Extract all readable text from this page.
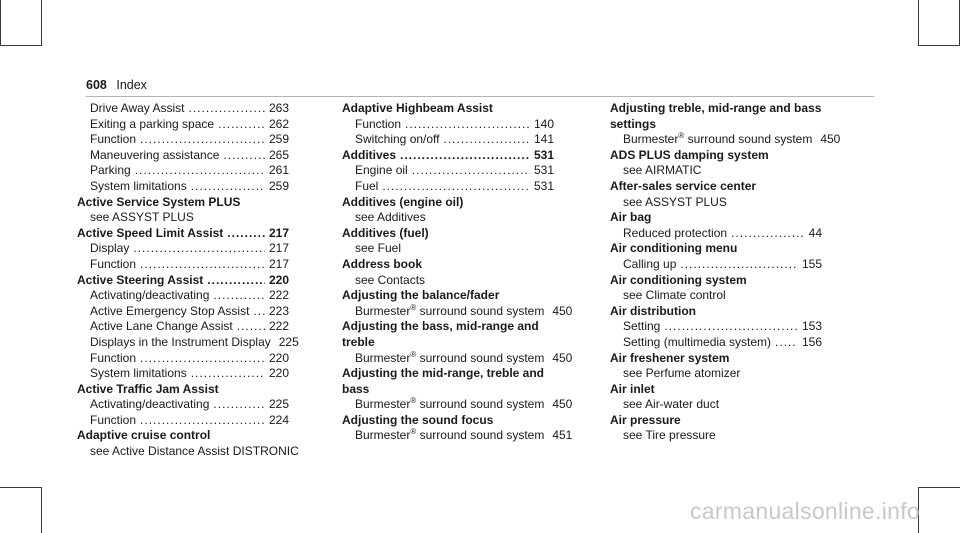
608 Index
Drive Away Assist .....	263
Exiting a parking space .....	262
Function .....	259
Maneuvering assistance .....	265
Parking .....	261
System limitations .....	259
Active Service System PLUS
see ASSYST PLUS
Active Speed Limit Assist .....	217
Display .....	217
Function .....	217
Active Steering Assist .....	220
Activating/deactivating .....	222
Active Emergency Stop Assist ..... 223
Active Lane Change Assist .....	222
Displays in the Instrument Display 225
Function .....	220
System limitations .....	220
Active Traffic Jam Assist
Activating/deactivating .....	225
Function .....	224
Adaptive cruise control
see Active Distance Assist DISTRONIC
Adaptive Highbeam Assist
Function .....	140
Switching on/off .....	141
Additives .....	531
Engine oil .....	531
Fuel .....	531
Additives (engine oil)
see Additives
Additives (fuel)
see Fuel
Address book
see Contacts
Adjusting the balance/fader
Burmester® surround sound system 450
Adjusting the bass, mid-range and treble
Burmester® surround sound system 450
Adjusting the mid-range, treble and bass
Burmester® surround sound system 450
Adjusting the sound focus
Burmester® surround sound system 451
Adjusting treble, mid-range and bass settings
Burmester® surround sound system 450
ADS PLUS damping system
see AIRMATIC
After-sales service center
see ASSYST PLUS
Air bag
Reduced protection .....	44
Air conditioning menu
Calling up .....	155
Air conditioning system
see Climate control
Air distribution
Setting .....	153
Setting (multimedia system) .....	156
Air freshener system
see Perfume atomizer
Air inlet
see Air-water duct
Air pressure
see Tire pressure
carmanualsonline.info
